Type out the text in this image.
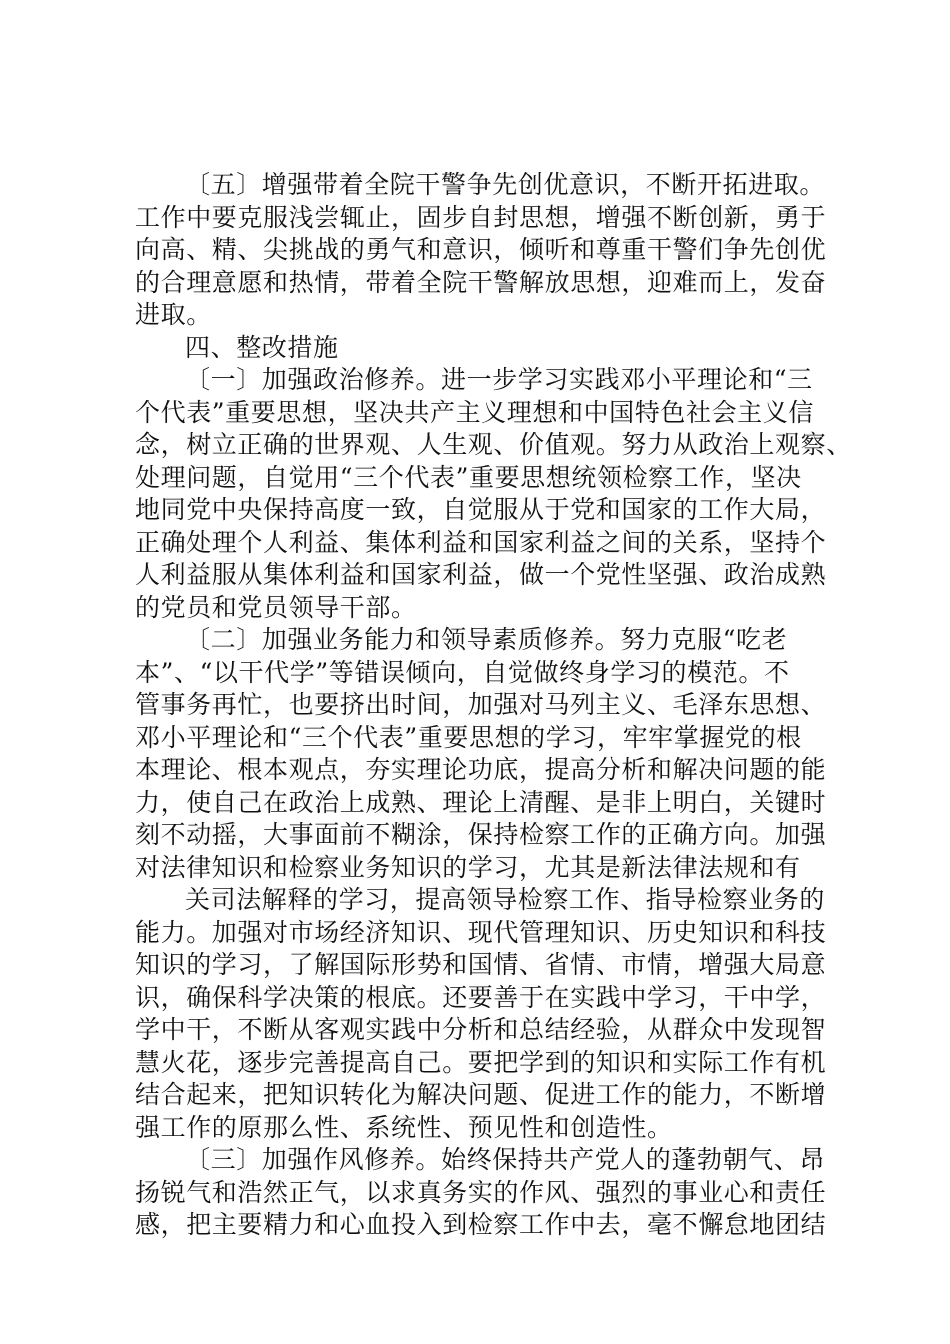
〔五〕增强带着全院干警争先创优意识，不断开拓进取。
工作中要克服浅尝辄止，固步自封思想，增强不断创新，勇于
向高、精、尖挑战的勇气和意识，倾听和尊重干警们争先创优
的合理意愿和热情，带着全院干警解放思想，迎难而上，发奋
进取。
四、整改措施
〔一〕加强政治修养。进一步学习实践邓小平理论和“三
个代表”重要思想，坚决共产主义理想和中国特色社会主义信
念，树立正确的世界观、人生观、价值观。努力从政治上观察、
处理问题，自觉用“三个代表”重要思想统领检察工作，坚决
地同党中央保持高度一致，自觉服从于党和国家的工作大局，
正确处理个人利益、集体利益和国家利益之间的关系，坚持个
人利益服从集体利益和国家利益，做一个党性坚强、政治成熟
的党员和党员领导干部。
〔二〕加强业务能力和领导素质修养。努力克服“吃老
本”、“以干代学”等错误倾向，自觉做终身学习的模范。不
管事务再忙，也要挤出时间，加强对马列主义、毛泽东思想、
邓小平理论和“三个代表”重要思想的学习，牢牢掌握党的根
本理论、根本观点，夯实理论功底，提高分析和解决问题的能
力，使自己在政治上成熟、理论上清醒、是非上明白，关键时
刻不动摇，大事面前不糊涂，保持检察工作的正确方向。加强
对法律知识和检察业务知识的学习，尤其是新法律法规和有
关司法解释的学习，提高领导检察工作、指导检察业务的
能力。加强对市场经济知识、现代管理知识、历史知识和科技
知识的学习，了解国际形势和国情、省情、市情，增强大局意
识，确保科学决策的根底。还要善于在实践中学习，干中学，
学中干，不断从客观实践中分析和总结经验，从群众中发现智
慧火花，逐步完善提高自己。要把学到的知识和实际工作有机
结合起来，把知识转化为解决问题、促进工作的能力，不断增
强工作的原那么性、系统性、预见性和创造性。
〔三〕加强作风修养。始终保持共产党人的蓬勃朝气、昂
扬锐气和浩然正气，以求真务实的作风、强烈的事业心和责任
感，把主要精力和心血投入到检察工作中去，毫不懈怠地团结
